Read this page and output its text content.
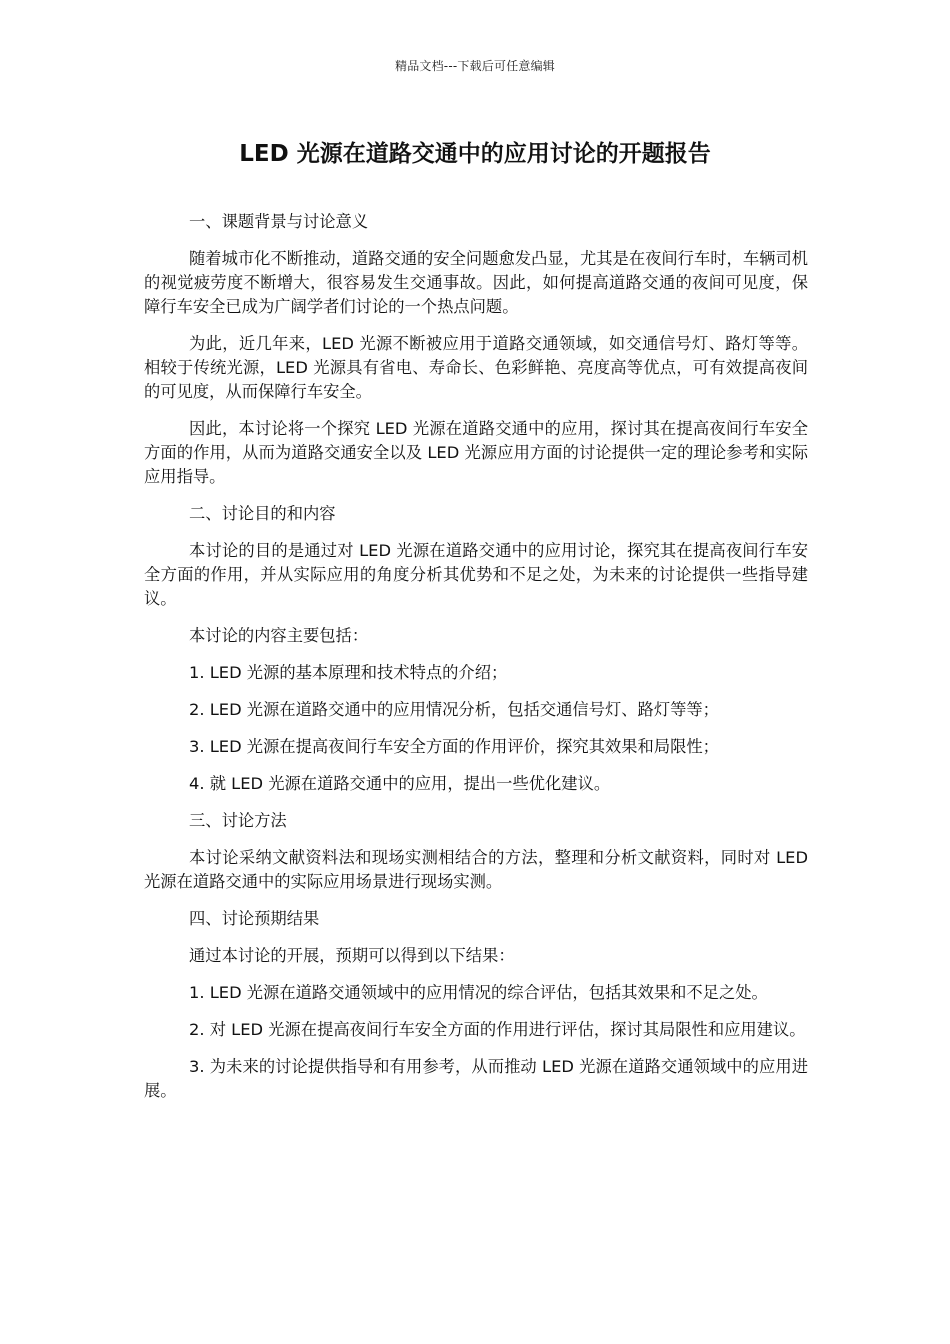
精品文档---下载后可任意编辑
LED 光源在道路交通中的应用讨论的开题报告

一、课题背景与讨论意义

随着城市化不断推动，道路交通的安全问题愈发凸显，尤其是在夜间行车时，车辆司机的视觉疲劳度不断增大，很容易发生交通事故。因此，如何提高道路交通的夜间可见度，保障行车安全已成为广阔学者们讨论的一个热点问题。

为此，近几年来，LED 光源不断被应用于道路交通领域，如交通信号灯、路灯等等。相较于传统光源，LED 光源具有省电、寿命长、色彩鲜艳、亮度高等优点，可有效提高夜间的可见度，从而保障行车安全。

因此，本讨论将一个探究 LED 光源在道路交通中的应用，探讨其在提高夜间行车安全方面的作用，从而为道路交通安全以及 LED 光源应用方面的讨论提供一定的理论参考和实际应用指导。

二、讨论目的和内容

本讨论的目的是通过对 LED 光源在道路交通中的应用讨论，探究其在提高夜间行车安全方面的作用，并从实际应用的角度分析其优势和不足之处，为未来的讨论提供一些指导建议。

本讨论的内容主要包括：

1. LED 光源的基本原理和技术特点的介绍；

2. LED 光源在道路交通中的应用情况分析，包括交通信号灯、路灯等等；

3. LED 光源在提高夜间行车安全方面的作用评价，探究其效果和局限性；

4. 就 LED 光源在道路交通中的应用，提出一些优化建议。

三、讨论方法

本讨论采纳文献资料法和现场实测相结合的方法，整理和分析文献资料，同时对 LED 光源在道路交通中的实际应用场景进行现场实测。

四、讨论预期结果

通过本讨论的开展，预期可以得到以下结果：

1. LED 光源在道路交通领域中的应用情况的综合评估，包括其效果和不足之处。

2. 对 LED 光源在提高夜间行车安全方面的作用进行评估，探讨其局限性和应用建议。

3. 为未来的讨论提供指导和有用参考，从而推动 LED 光源在道路交通领域中的应用进展。
